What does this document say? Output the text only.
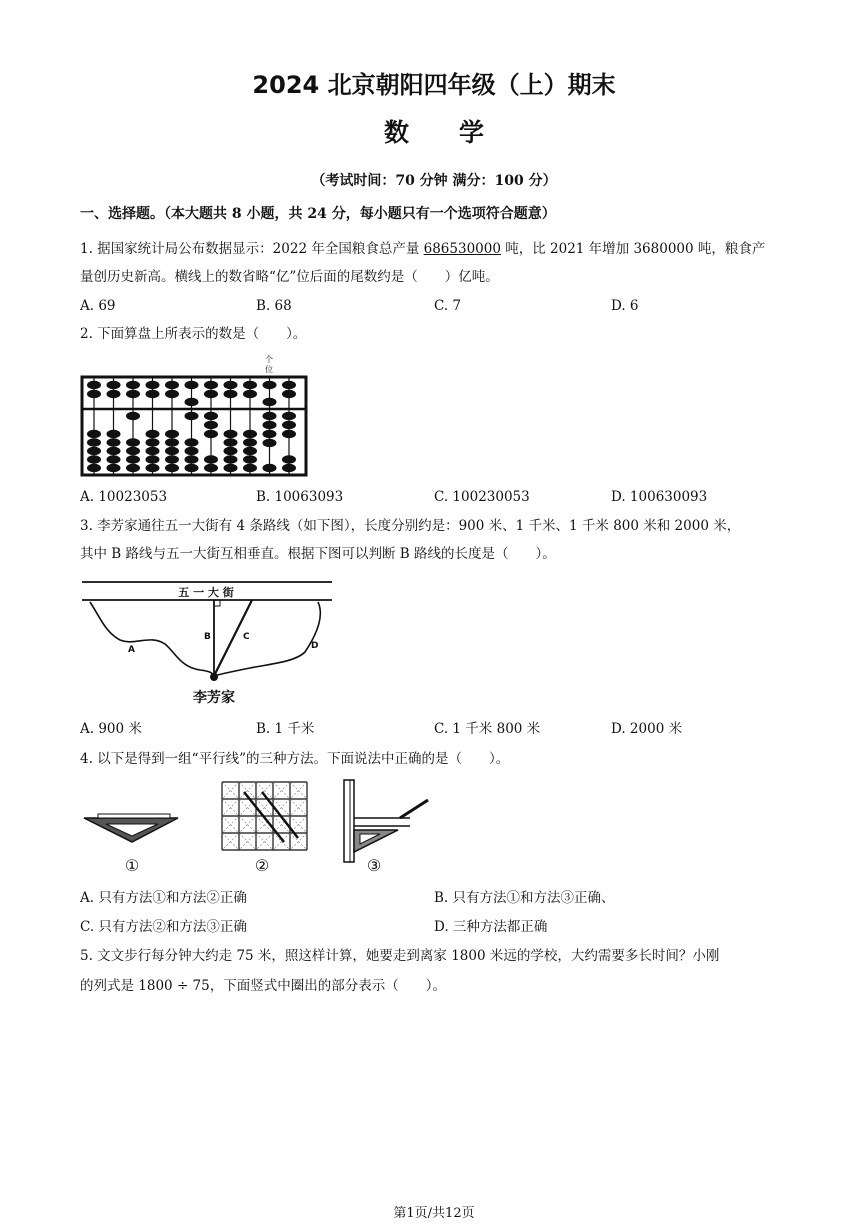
2024 北京朝阳四年级（上）期末
数　　学
（考试时间：70 分钟 满分：100 分）
一、选择题。（本大题共 8 小题，共 24 分，每小题只有一个选项符合题意）
1. 据国家统计局公布数据显示：2022 年全国粮食总产量 686530000 吨，比 2021 年增加 3680000 吨，粮食产
量创历史新高。横线上的数省略“亿”位后面的尾数约是（　　）亿吨。
A. 69	B. 68	C. 7	D. 6
2. 下面算盘上所表示的数是（　　）。
个
位
A. 10023053	B. 10063093	C. 100230053	D. 100630093
3. 李芳家通往五一大街有 4 条路线（如下图），长度分别约是：900 米、1 千米、1 千米 800 米和 2000 米，
其中 B 路线与五一大街互相垂直。根据下图可以判断 B 路线的长度是（　　）。
五 一 大 街
A
B	C
D
李芳家
A. 900 米	B. 1 千米	C. 1 千米 800 米	D. 2000 米
4. 以下是得到一组“平行线”的三种方法。下面说法中正确的是（　　）。
①	②	③
A. 只有方法①和方法②正确	B. 只有方法①和方法③正确、
C. 只有方法②和方法③正确	D. 三种方法都正确
5. 文文步行每分钟大约走 75 米，照这样计算，她要走到离家 1800 米远的学校，大约需要多长时间？小刚
的列式是 1800 ÷ 75，下面竖式中圈出的部分表示（　　）。
第1页/共12页
